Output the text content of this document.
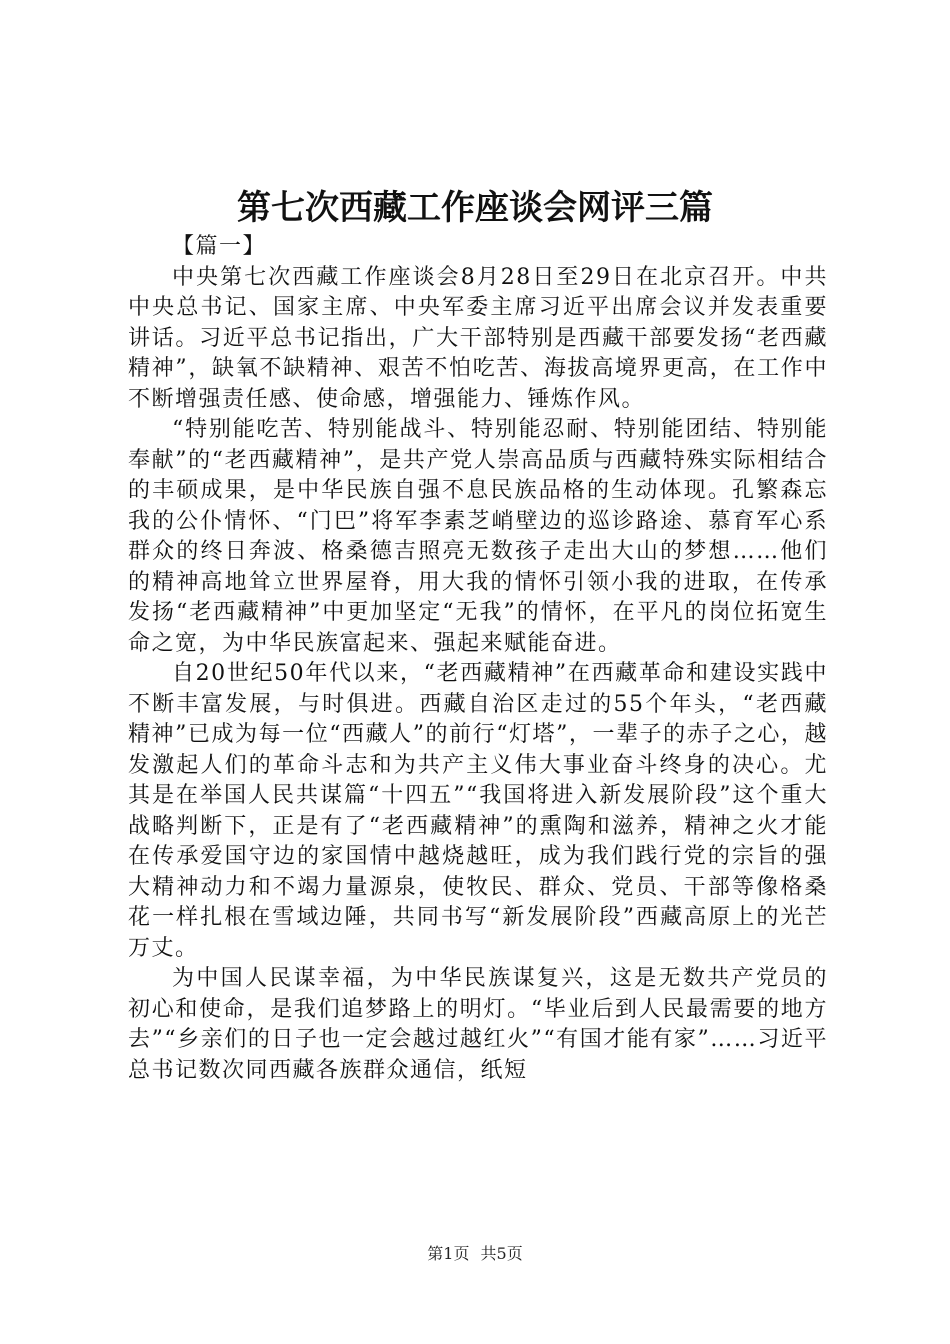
第七次西藏工作座谈会网评三篇

【篇一】

中央第七次西藏工作座谈会8月28日至29日在北京召开。中共中央总书记、国家主席、中央军委主席习近平出席会议并发表重要讲话。习近平总书记指出，广大干部特别是西藏干部要发扬“老西藏精神”，缺氧不缺精神、艰苦不怕吃苦、海拔高境界更高，在工作中不断增强责任感、使命感，增强能力、锤炼作风。

“特别能吃苦、特别能战斗、特别能忍耐、特别能团结、特别能奉献”的“老西藏精神”，是共产党人崇高品质与西藏特殊实际相结合的丰硕成果，是中华民族自强不息民族品格的生动体现。孔繁森忘我的公仆情怀、“门巴”将军李素芝峭壁边的巡诊路途、慕育军心系群众的终日奔波、格桑德吉照亮无数孩子走出大山的梦想……他们的精神高地耸立世界屋脊，用大我的情怀引领小我的进取，在传承发扬“老西藏精神”中更加坚定“无我”的情怀，在平凡的岗位拓宽生命之宽，为中华民族富起来、强起来赋能奋进。

自20世纪50年代以来，“老西藏精神”在西藏革命和建设实践中不断丰富发展，与时俱进。西藏自治区走过的55个年头，“老西藏精神”已成为每一位“西藏人”的前行“灯塔”，一辈子的赤子之心，越发激起人们的革命斗志和为共产主义伟大事业奋斗终身的决心。尤其是在举国人民共谋篇“十四五”“我国将进入新发展阶段”这个重大战略判断下，正是有了“老西藏精神”的熏陶和滋养，精神之火才能在传承爱国守边的家国情中越烧越旺，成为我们践行党的宗旨的强大精神动力和不竭力量源泉，使牧民、群众、党员、干部等像格桑花一样扎根在雪域边陲，共同书写“新发展阶段”西藏高原上的光芒万丈。

为中国人民谋幸福，为中华民族谋复兴，这是无数共产党员的初心和使命，是我们追梦路上的明灯。“毕业后到人民最需要的地方去”“乡亲们的日子也一定会越过越红火”“有国才能有家”……习近平总书记数次同西藏各族群众通信，纸短

第1页 共5页
